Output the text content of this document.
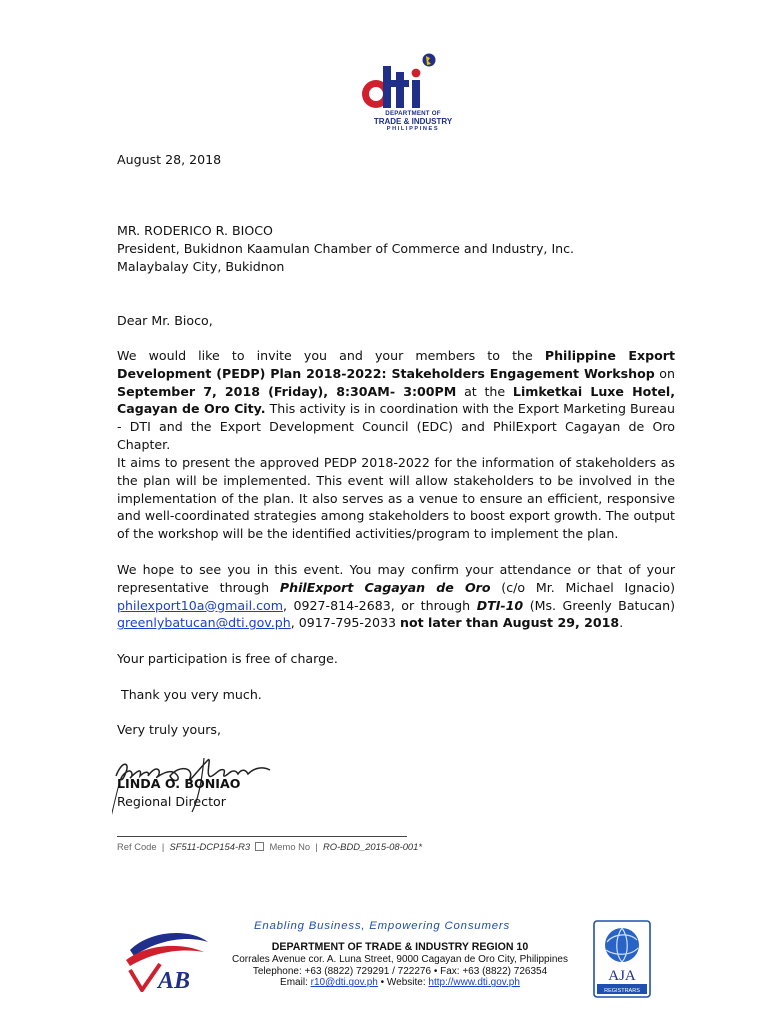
DEPARTMENT OF
TRADE & INDUSTRY
PHILIPPINES
August 28, 2018
MR. RODERICO R. BIOCO
President, Bukidnon Kaamulan Chamber of Commerce and Industry, Inc.
Malaybalay City, Bukidnon
Dear Mr. Bioco,
We would like to invite you and your members to the Philippine Export Development (PEDP) Plan 2018-2022: Stakeholders Engagement Workshop on September 7, 2018 (Friday), 8:30AM- 3:00PM at the Limketkai Luxe Hotel, Cagayan de Oro City. This activity is in coordination with the Export Marketing Bureau - DTI and the Export Development Council (EDC) and PhilExport Cagayan de Oro Chapter.
It aims to present the approved PEDP 2018-2022 for the information of stakeholders as the plan will be implemented. This event will allow stakeholders to be involved in the implementation of the plan. It also serves as a venue to ensure an efficient, responsive and well-coordinated strategies among stakeholders to boost export growth. The output of the workshop will be the identified activities/program to implement the plan.
We hope to see you in this event. You may confirm your attendance or that of your representative through PhilExport Cagayan de Oro (c/o Mr. Michael Ignacio) philexport10a@gmail.com, 0927-814-2683, or through DTI-10 (Ms. Greenly Batucan) greenlybatucan@dti.gov.ph, 0917-795-2033 not later than August 29, 2018.
Your participation is free of charge.
Thank you very much.
Very truly yours,
LINDA O. BONIAO
Regional Director
Ref Code  |  SF511-DCP154-R3 Memo No  |  RO-BDD_2015-08-001*
Enabling Business, Empowering Consumers
AB
DEPARTMENT OF TRADE & INDUSTRY REGION 10
Corrales Avenue cor. A. Luna Street, 9000 Cagayan de Oro City, Philippines
Telephone: +63 (8822) 729291 / 722276 • Fax: +63 (8822) 726354
Email: r10@dti.gov.ph • Website: http://www.dti.gov.ph	AJA
REGISTRARS
